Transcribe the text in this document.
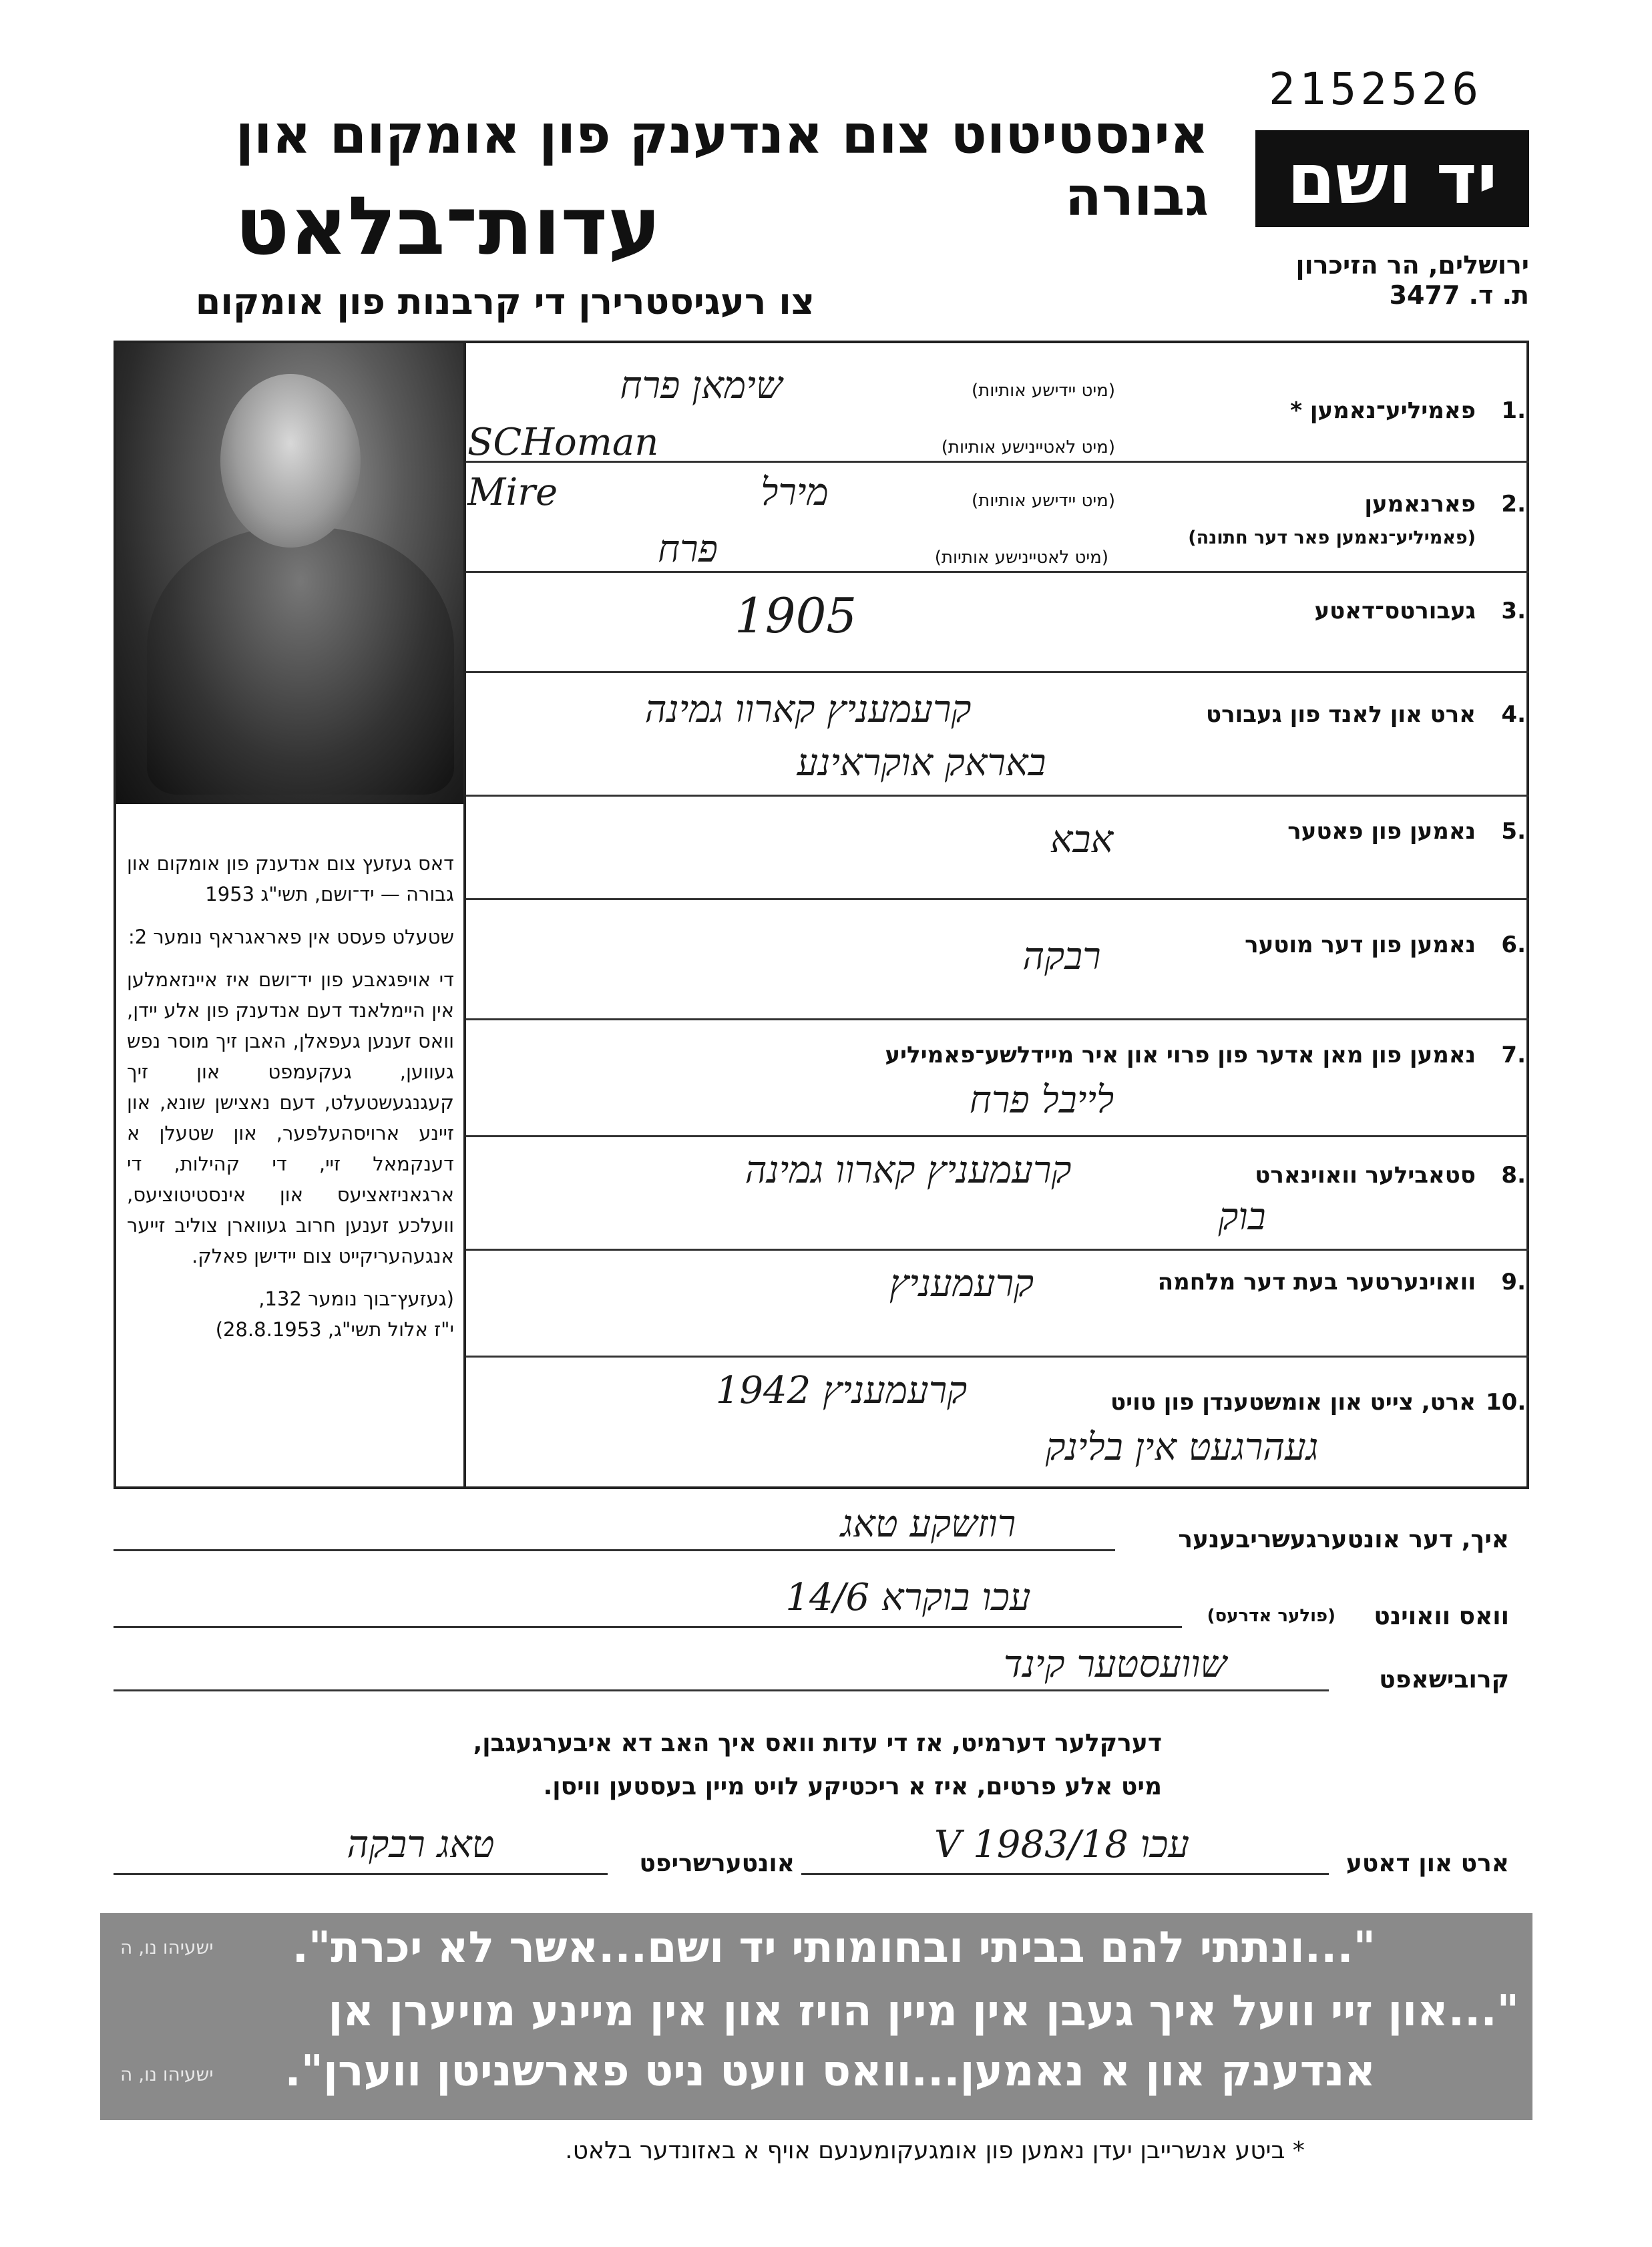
2152526
אינסטיטוט צום אנדענק פון אומקום און גבורה
עדות־בלאט
צו רעגיסטרירן די קרבנות פון אומקום
יד ושם
ירושלים, הר הזיכרון
ת. ד. 3477

דאס געזעץ צום אנדענק פון אומקום און גבורה — יד־ושם, תשי"ג 1953

שטעלט פעסט אין פאראגראף נומער 2:

די אויפגאבע פון יד־ושם איז איינזאמלען אין היימלאנד דעם אנדענק פון אלע יידן, וואס זענען געפאלן, האבן זיך מוסר נפש געווען, געקעמפט און זיך קעגנגעשטעלט, דעם נאצישן שונא, און זיינע ארויסהעלפער, און שטעלן א דענקמאל זיי, די קהילות, די ארגאניזאציעס און אינסטיטוציעס, וועלכע זענען חרוב געווארן צוליב זייער אנגעהעריקייט צום יידישן פאלק.

(געזעץ־בוך נומער 132,

י"ז אלול תשי"ג, 28.8.1953)

1.
פאמיליע־נאמען *
(מיט יידישע אותיות)
(מיט לאטיינישע אותיות)
שימאן פרח
SCHoman
2.
פארנאמען
(פאמיליע־נאמען פאר דער חתונה)
(מיט יידישע אותיות)
(מיט לאטיינישע אותיות)
מירל
Mire
פרח
3.
געבורטס־דאטע
1905
4.
ארט און לאנד פון געבורט
קרעמעניץ קארוו גמינה
באראק אוקראינע
5.
נאמען פון פאטער
אבא
6.
נאמען פון דער מוטער
רבקה
7.
נאמען פון מאן אדער פון פרוי און איר מיידלשע־פאמיליע
לייבל פרח
8.
סטאבילער וואוינארט
קרעמעניץ קארוו גמינה
בוק
9.
וואוינערטער בעת דער מלחמה
קרעמעניץ
10.
ארט, צייט און אומשטענדן פון טויט
קרעמעניץ 1942
געהרגעט אין בלינק
איך, דער אונטערגעשריבענער
רוזשקע טאג
וואס וואוינט
(פולער אדרעס)
עכו בוקרא 14/6
קרובישאפט
שוועסטער קינד
דערקלער דערמיט, אז די עדות וואס איך האב דא איבערגעגבן,
מיט אלע פרטים, איז א ריכטיקע לויט מיין בעסטען וויסן.
ארט און דאטע
עכו 18/V 1983
אונטערשריפט
טאג רבקה
"...ונתתי להם בביתי ובחומותי יד ושם...אשר לא יכרת".
ישעיהו נו, ה
"...און זיי וועל איך געבן אין מיין הויז און אין מיינע מויערן אן
אנדענק און א נאמען...וואס וועט ניט פארשניטן ווערן".
ישעיהו נו, ה
* ביטע אנשרייבן יעדן נאמען פון אומגעקומענעם אויף א באזונדער בלאט.
